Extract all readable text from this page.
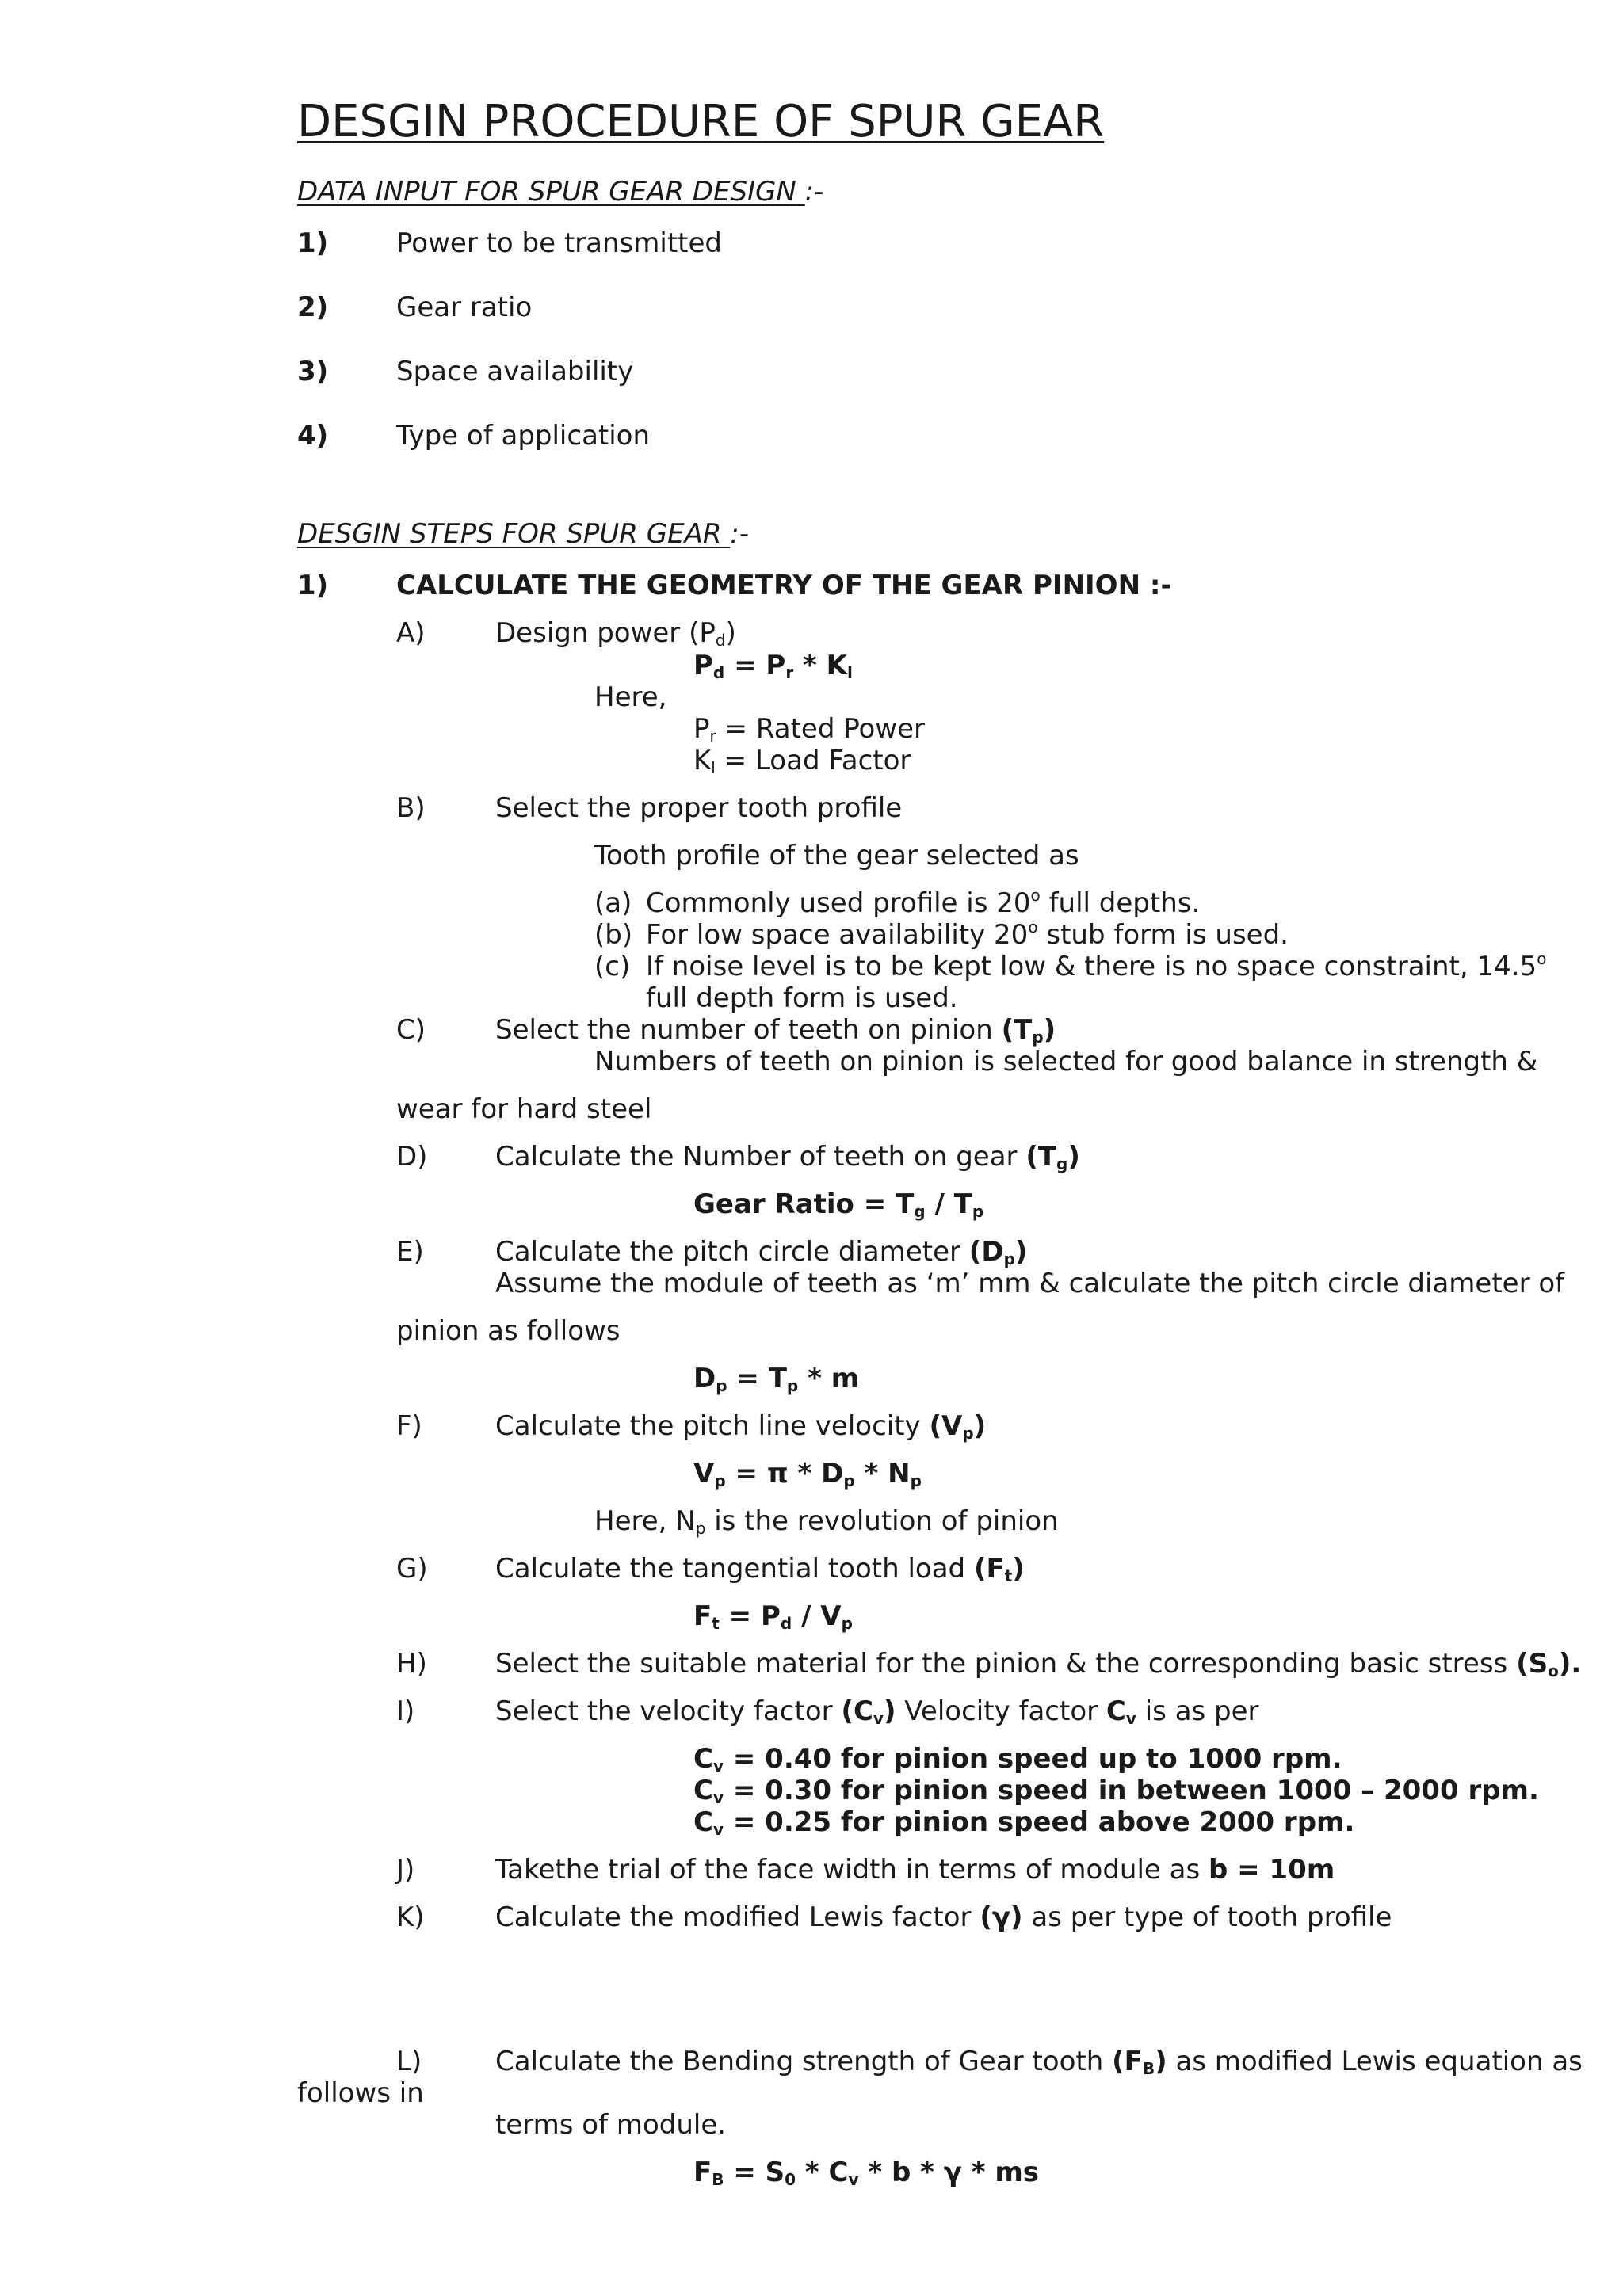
DESGIN PROCEDURE OF SPUR GEAR
DATA INPUT FOR SPUR GEAR DESIGN :-
1)	Power to be transmitted
2)	Gear ratio
3)	Space availability
4)	Type of application
DESGIN STEPS FOR SPUR GEAR :-
1)	CALCULATE THE GEOMETRY OF THE GEAR PINION :-
A)	Design power $(P_d)$
$P_d = P_r * K_l$
Here,
$P_r$ = Rated Power
$K_l$ = Load Factor
B)	Select the proper tooth profile
Tooth profile of the gear selected as
(a) Commonly used profile is 20$^o$ full depths.
(b) For low space availability 20$^o$ stub form is used.
(c) If noise level is to be kept low & there is no space constraint, 14.5$^o$
full depth form is used.
C)	Select the number of teeth on pinion $(T_p)$
Numbers of teeth on pinion is selected for good balance in strength &
wear for hard steel
D)	Calculate the Number of teeth on gear $(T_g)$
Gear Ratio = $T_g / T_p$
E)	Calculate the pitch circle diameter $(D_p)$
Assume the module of teeth as ‘m’ mm & calculate the pitch circle diameter of
pinion as follows
$D_p = T_p * m$
F)	Calculate the pitch line velocity $(V_p)$
$V_p = \pi * D_p * N_p$
Here, $N_p$ is the revolution of pinion
G)	Calculate the tangential tooth load $(F_t)$
$F_t = P_d / V_p$
H)	Select the suitable material for the pinion & the corresponding basic stress $(S_o)$.
I)	Select the velocity factor $(C_v)$ Velocity factor $C_v$ is as per
$C_v = 0.40$ for pinion speed up to 1000 rpm.
$C_v = 0.30$ for pinion speed in between 1000 – 2000 rpm.
$C_v = 0.25$ for pinion speed above 2000 rpm.
J)	Takethe trial of the face width in terms of module as b = 10m
K)	Calculate the modified Lewis factor (γ) as per type of tooth profile
L)	Calculate the Bending strength of Gear tooth $(F_B)$ as modified Lewis equation as
follows in
terms of module.
$F_B = S_0 * C_v * b * \gamma$ * ms
